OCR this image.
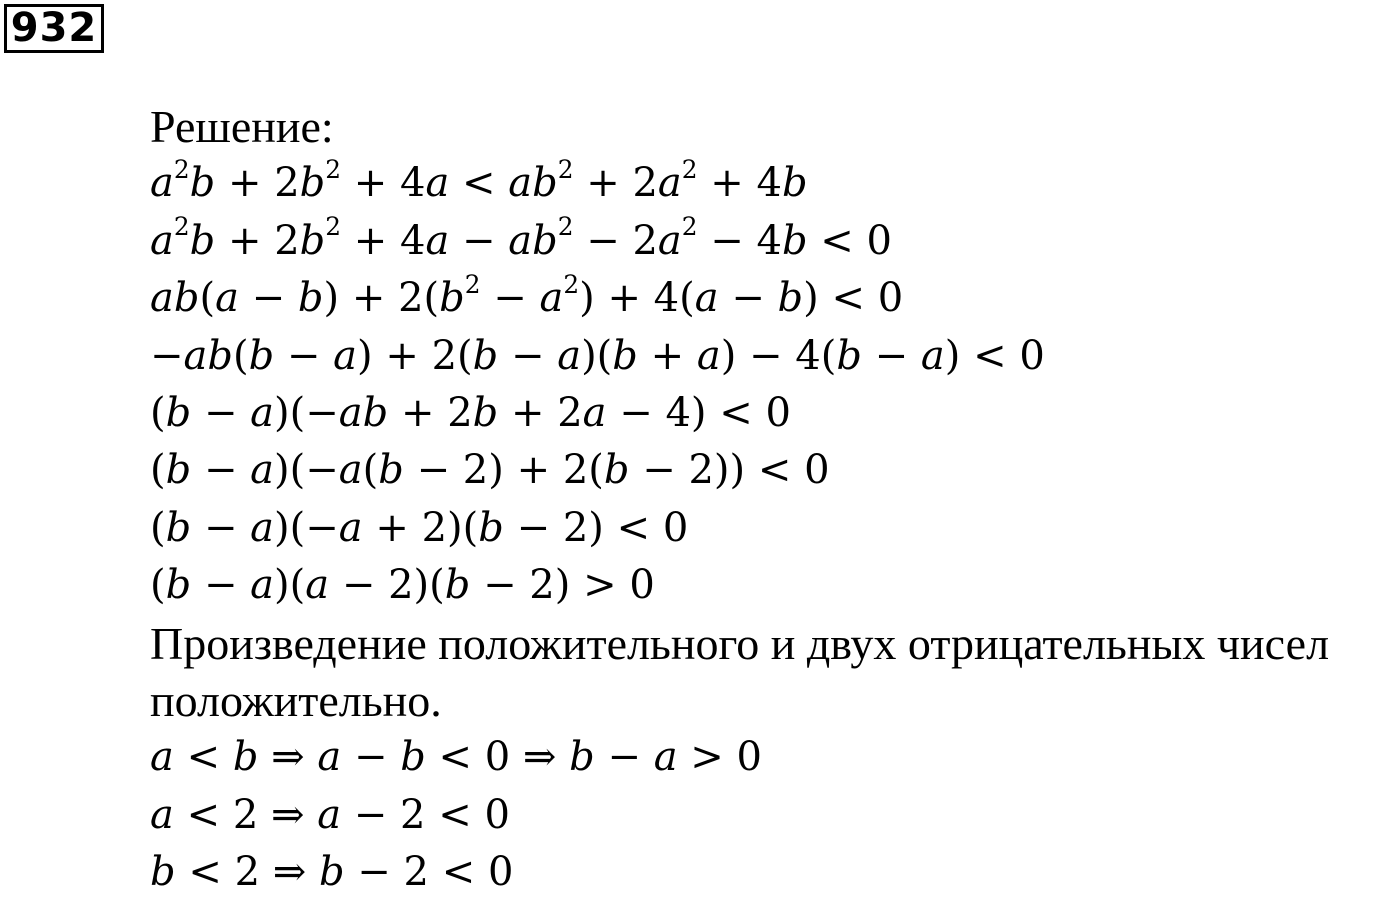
932
Решение:
$a^2b + 2b^2 + 4a < ab^2 + 2a^2 + 4b$
$a^2b + 2b^2 + 4a - ab^2 - 2a^2 - 4b < 0$
$ab(a - b) + 2(b^2 - a^2) + 4(a - b) < 0$
−ab(b − a) + 2(b − a)(b + a) − 4(b − a) < 0
(b − a)(−ab + 2b + 2a − 4) < 0
(b − a)(−a(b − 2) + 2(b − 2)) < 0
(b − a)(−a + 2)(b − 2) < 0
(b − a)(a − 2)(b − 2) > 0
Произведение положительного и двух отрицательных чисел
положительно.
a < b ⇒ a − b < 0 ⇒ b − a > 0
a < 2 ⇒ a − 2 < 0
b < 2 ⇒ b − 2 < 0
